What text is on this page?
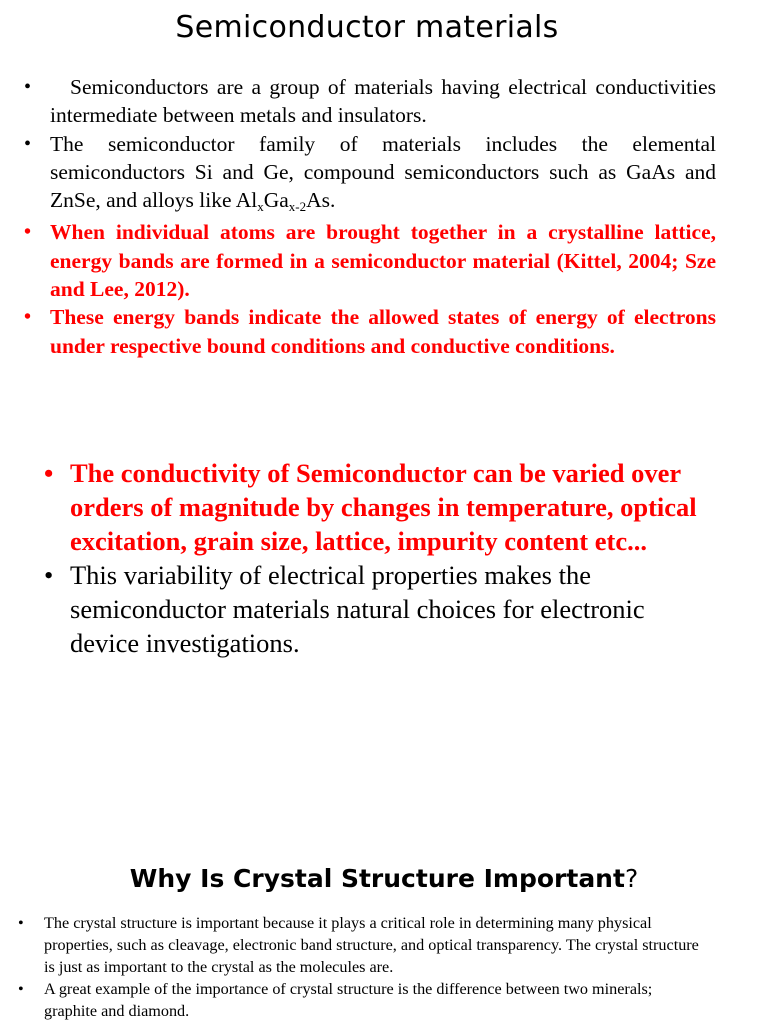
Semiconductor materials
•	Semiconductors are a group of materials having electrical conductivities intermediate between metals and insulators.
• The semiconductor family of materials includes the elemental semiconductors Si and Ge, compound semiconductors such as GaAs and ZnSe, and alloys like $Al_xGa_{x-2}As$.
• When individual atoms are brought together in a crystalline lattice, energy bands are formed in a semiconductor material (Kittel, 2004; Sze and Lee, 2012).
• These energy bands indicate the allowed states of energy of electrons under respective bound conditions and conductive conditions.
• The conductivity of Semiconductor can be varied over orders of magnitude by changes in temperature, optical excitation, grain size, lattice, impurity content etc...
• This variability of electrical properties makes the semiconductor materials natural choices for electronic device investigations.
Why Is Crystal Structure Important?
• The crystal structure is important because it plays a critical role in determining many physical properties, such as cleavage, electronic band structure, and optical transparency. The crystal structure is just as important to the crystal as the molecules are.
• A great example of the importance of crystal structure is the difference between two minerals; graphite and diamond.
